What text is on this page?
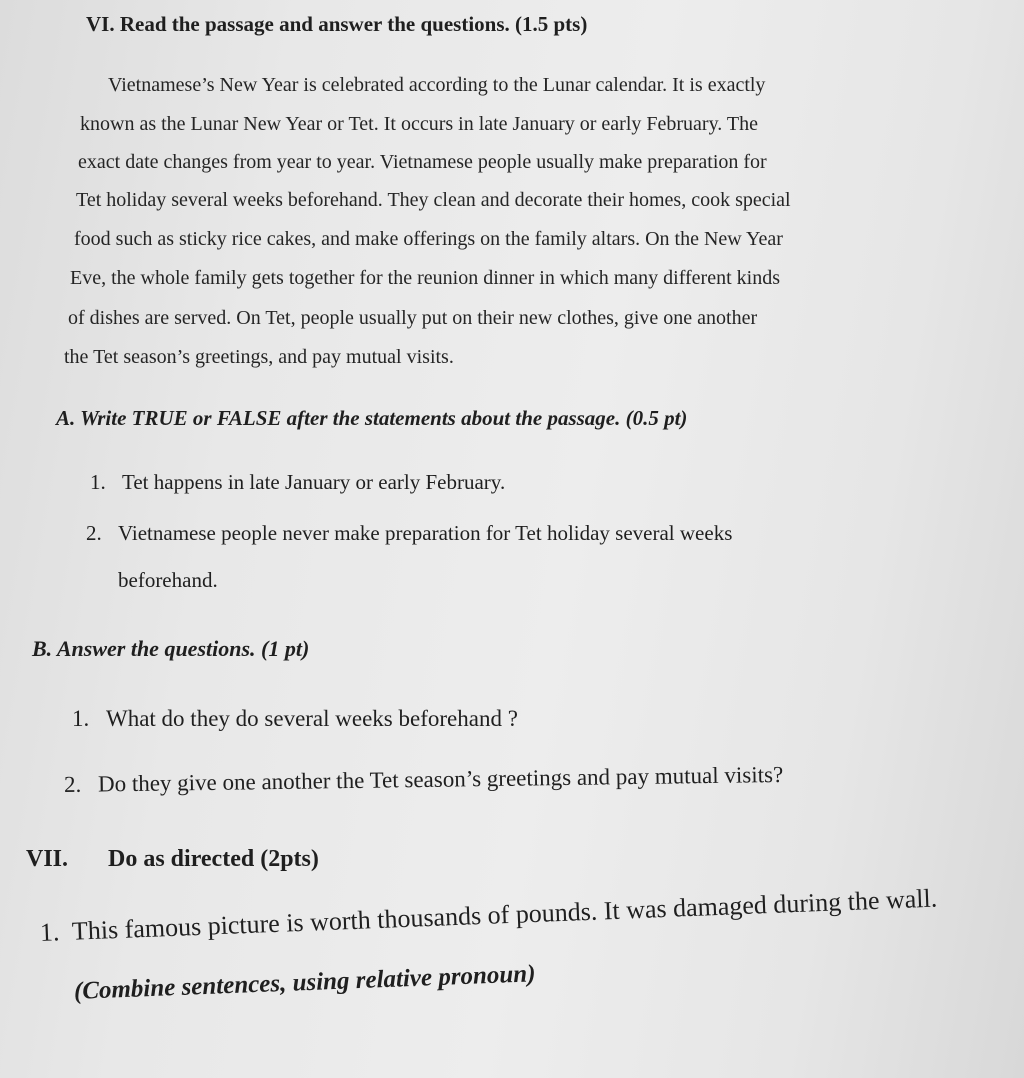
VI. Read the passage and answer the questions. (1.5 pts)

Vietnamese’s New Year is celebrated according to the Lunar calendar. It is exactly

known as the Lunar New Year or Tet. It occurs in late January or early February. The

exact date changes from year to year. Vietnamese people usually make preparation for

Tet holiday several weeks beforehand. They clean and decorate their homes, cook special

food such as sticky rice cakes, and make offerings on the family altars. On the New Year

Eve, the whole family gets together for the reunion dinner in which many different kinds

of dishes are served. On Tet, people usually put on their new clothes, give one another

the Tet season’s greetings, and pay mutual visits.

A. Write TRUE or FALSE after the statements about the passage. (0.5 pt)

1. Tet happens in late January or early February.

2. Vietnamese people never make preparation for Tet holiday several weeks

beforehand.

B. Answer the questions. (1 pt)

1. What do they do several weeks beforehand ?

2. Do they give one another the Tet season’s greetings and pay mutual visits?

VII. Do as directed (2pts)

1. This famous picture is worth thousands of pounds. It was damaged during the wall.

(Combine sentences, using relative pronoun)
